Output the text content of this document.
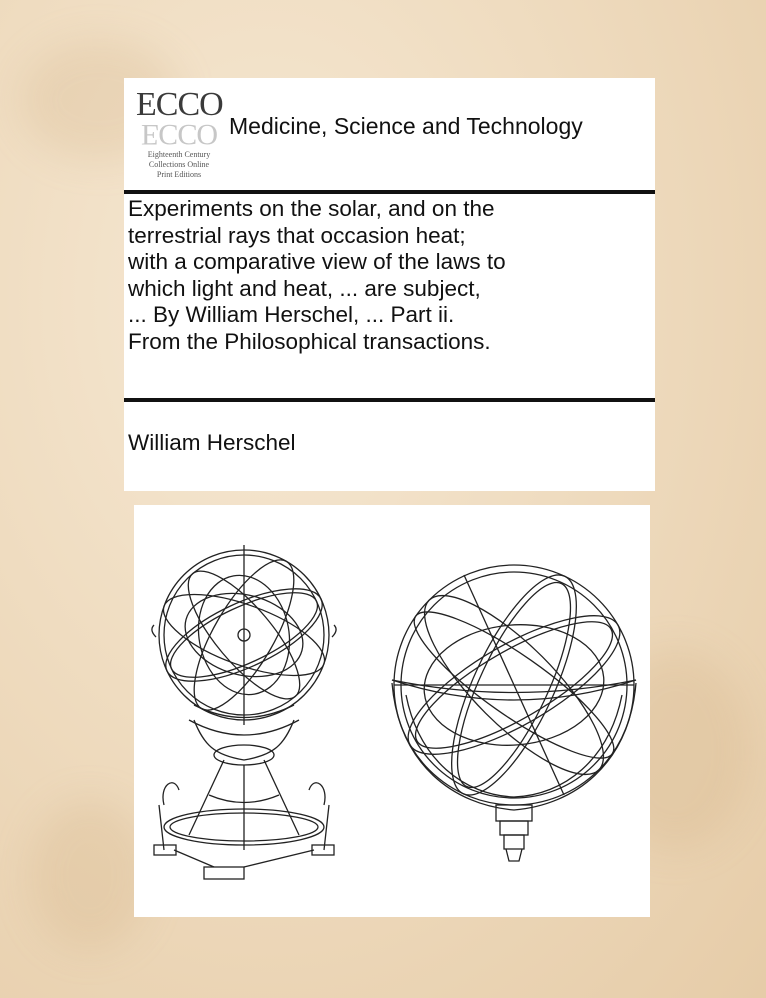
ECCO
ECCO
Eighteenth Century
Collections Online
Print Editions
Medicine, Science and Technology
Experiments on the solar, and on the
terrestrial rays that occasion heat;
with a comparative view of the laws to
which light and heat, ... are subject,
... By William Herschel, ... Part ii.
From the Philosophical transactions.
William Herschel
